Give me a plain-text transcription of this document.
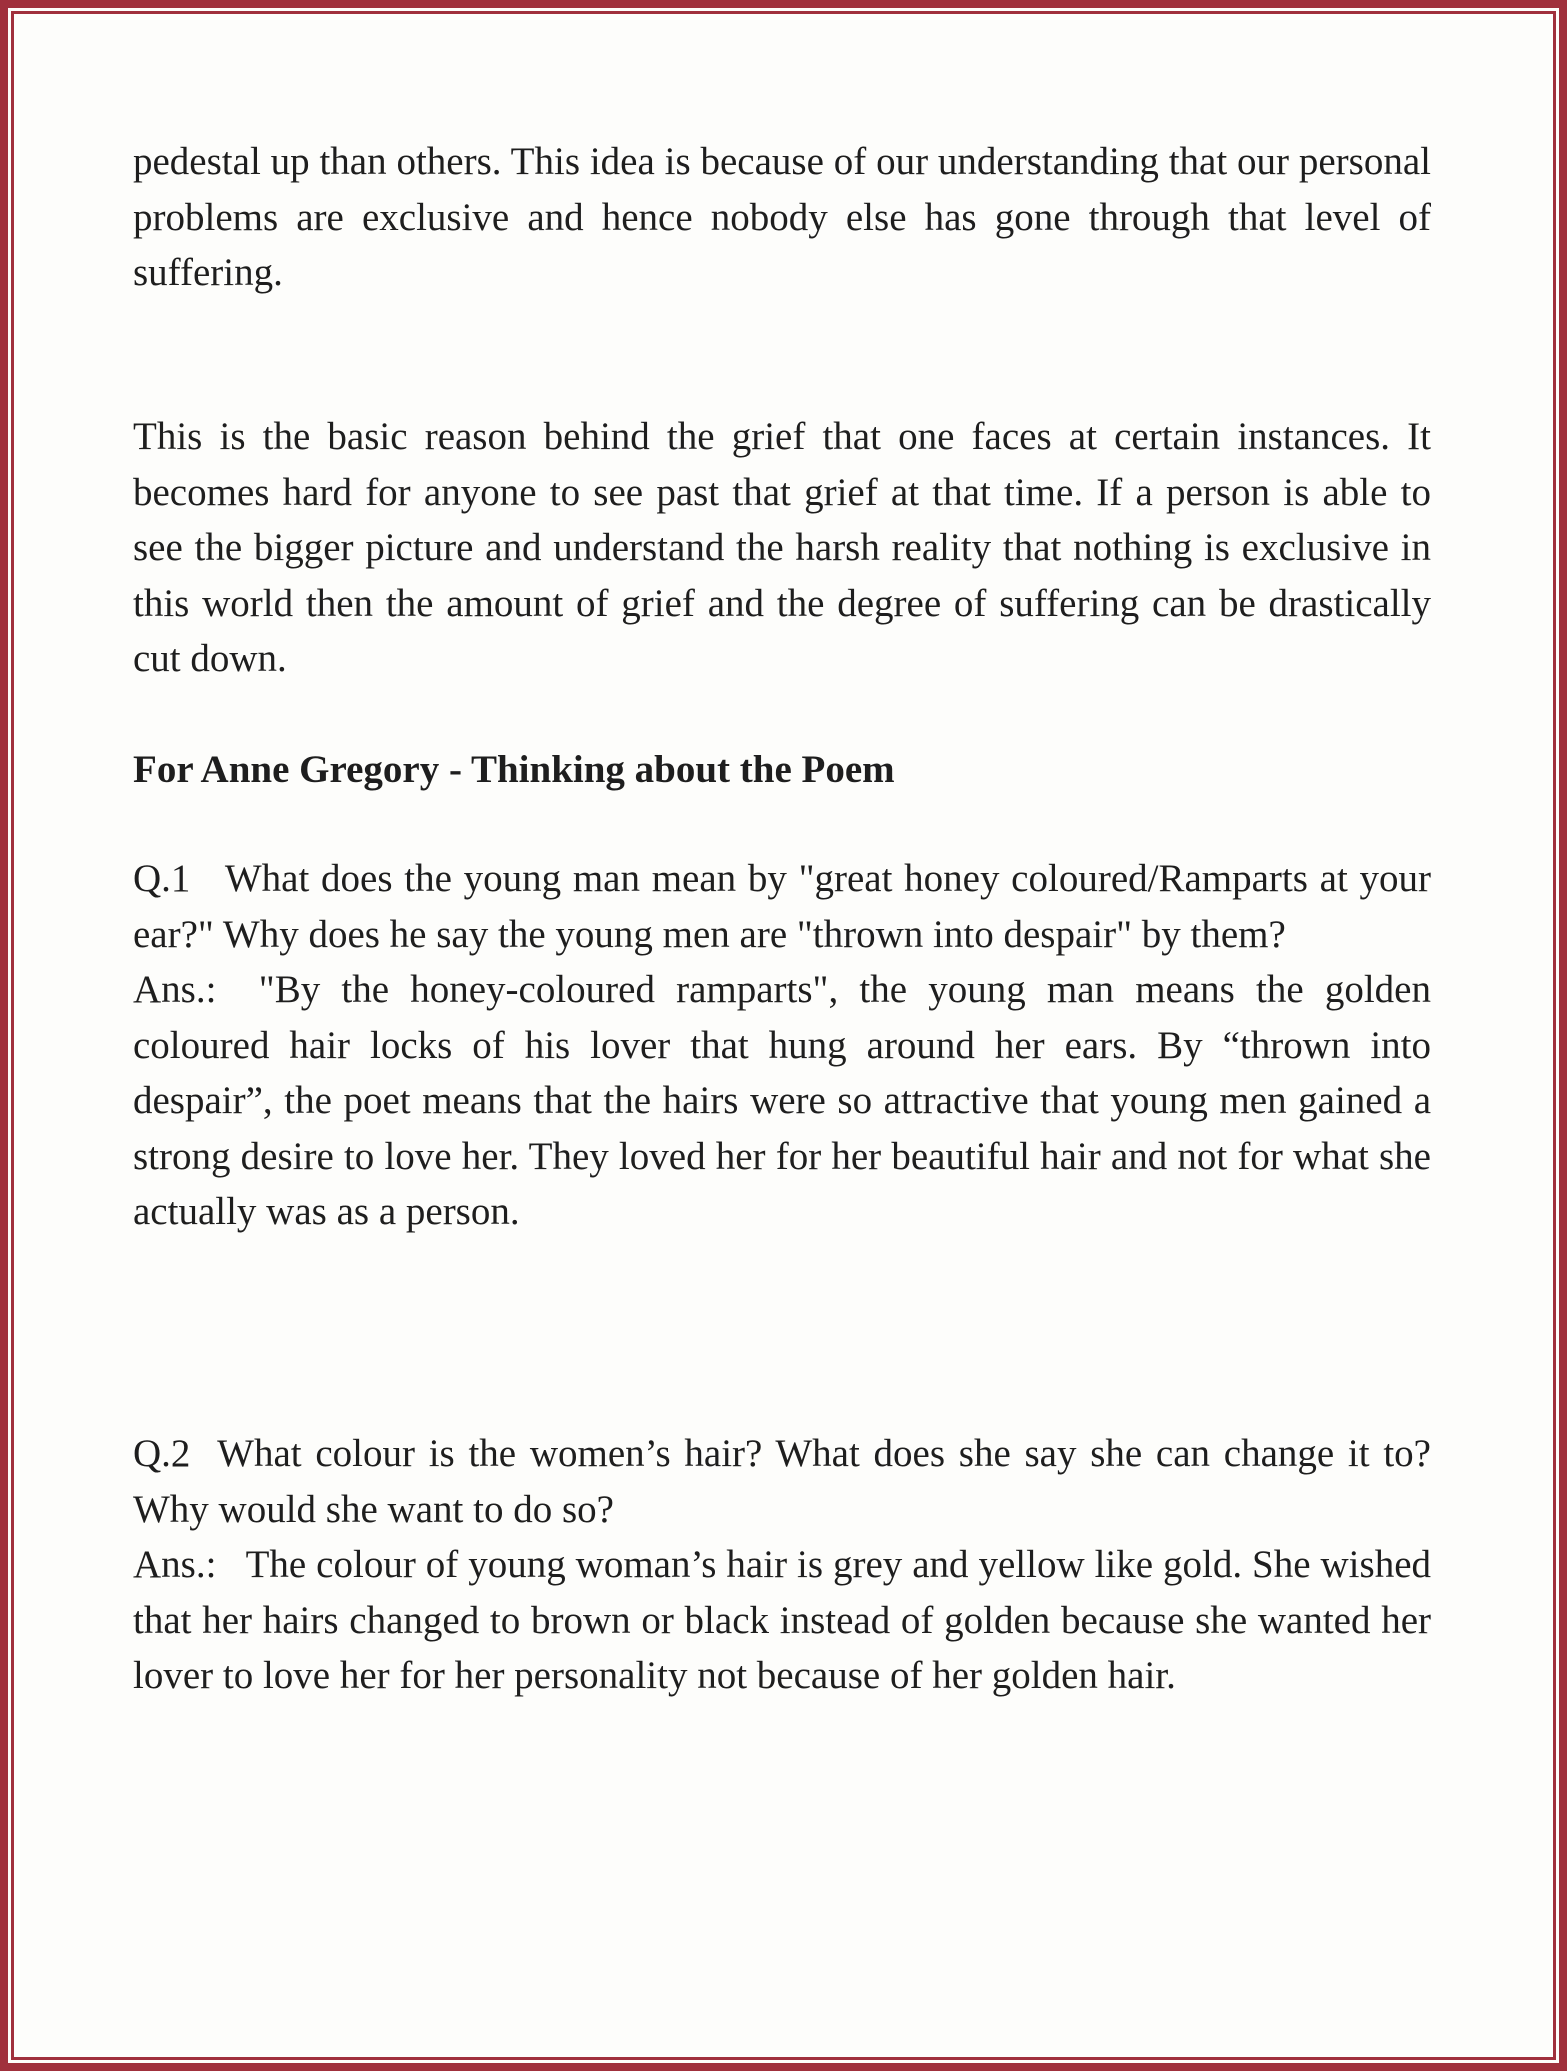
pedestal up than others. This idea is because of our understanding that our personal problems are exclusive and hence nobody else has gone through that level of suffering.

This is the basic reason behind the grief that one faces at certain instances. It becomes hard for anyone to see past that grief at that time. If a person is able to see the bigger picture and understand the harsh reality that nothing is exclusive in this world then the amount of grief and the degree of suffering can be drastically cut down.

For Anne Gregory - Thinking about the Poem

Q.1   What does the young man mean by "great honey coloured/Ramparts at your ear?" Why does he say the young men are "thrown into despair" by them?

Ans.:  "By the honey-coloured ramparts", the young man means the golden coloured hair locks of his lover that hung around her ears. By “thrown into despair”, the poet means that the hairs were so attractive that young men gained a strong desire to love her. They loved her for her beautiful hair and not for what she actually was as a person.

Q.2  What colour is the women’s hair? What does she say she can change it to? Why would she want to do so?

Ans.:   The colour of young woman’s hair is grey and yellow like gold. She wished that her hairs changed to brown or black instead of golden because she wanted her lover to love her for her personality not because of her golden hair.
